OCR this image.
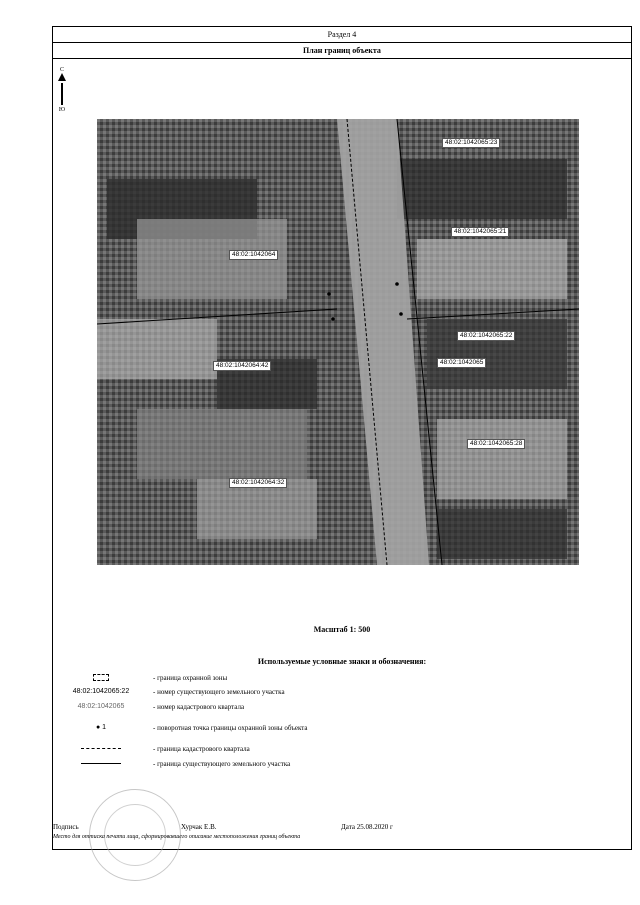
Раздел 4
План границ объекта
С
Ю
48:02:1042065:23
48:02:1042065:21
48:02:1042064
48:02:1042065:22
48:02:1042065
48:02:1042064:42
48:02:1042065:28
48:02:1042064:32
Масштаб 1: 500
Используемые условные знаки и обозначения:
- граница охранной зоны
48:02:1042065:22	- номер существующего земельного участка
48:02:1042065	- номер кадастрового квартала
● 1	- поворотная точка границы охранной зоны объекта
- граница кадастрового квартала
- граница существующего земельного участка
Подпись	Хурчак Е.В.	Дата 25.08.2020 г
Место для оттиска печати лица, сформировавшего описание местоположения границ объекта
